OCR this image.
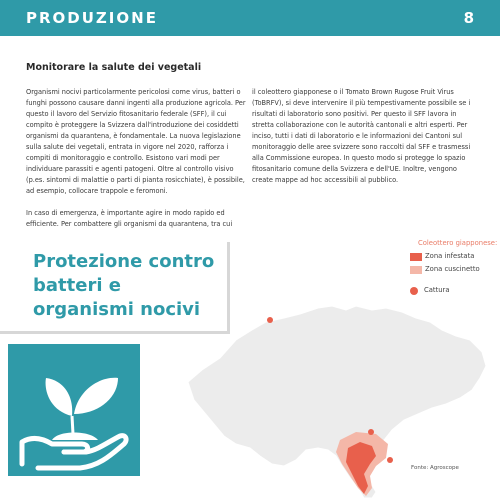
PRODUZIONE	8
Monitorare la salute dei vegetali

Organismi nocivi particolarmente pericolosi come virus, batteri o funghi possono causare danni ingenti alla produzione agricola. Per questo il lavoro del Servizio fitosanitario federale (SFF), il cui compito è proteggere la Svizzera dall'introduzione dei cosiddetti organismi da quarantena, è fondamentale. La nuova legislazione sulla salute dei vegetali, entrata in vigore nel 2020, rafforza i compiti di monitoraggio e controllo. Esistono vari modi per individuare parassiti e agenti patogeni. Oltre al controllo visivo (p.es. sintomi di malattie o parti di pianta rosicchiate), è possibile, ad esempio, collocare trappole e feromoni.

In caso di emergenza, è importante agire in modo rapido ed efficiente. Per combattere gli organismi da quarantena, tra cui

il coleottero giapponese o il Tomato Brown Rugose Fruit Virus (ToBRFV), si deve intervenire il più tempestivamente possibile se i risultati di laboratorio sono positivi. Per questo il SFF lavora in stretta collaborazione con le autorità cantonali e altri esperti. Per inciso, tutti i dati di laboratorio e le informazioni dei Cantoni sul monitoraggio delle aree svizzere sono raccolti dal SFF e trasmessi alla Commissione europea. In questo modo si protegge lo spazio fitosanitario comune della Svizzera e dell'UE. Inoltre, vengono create mappe ad hoc accessibili al pubblico.

Protezione contro batteri e organismi nocivi
Coleottero giapponese:
Zona infestata
Zona cuscinetto
Cattura
Fonte: Agroscope
